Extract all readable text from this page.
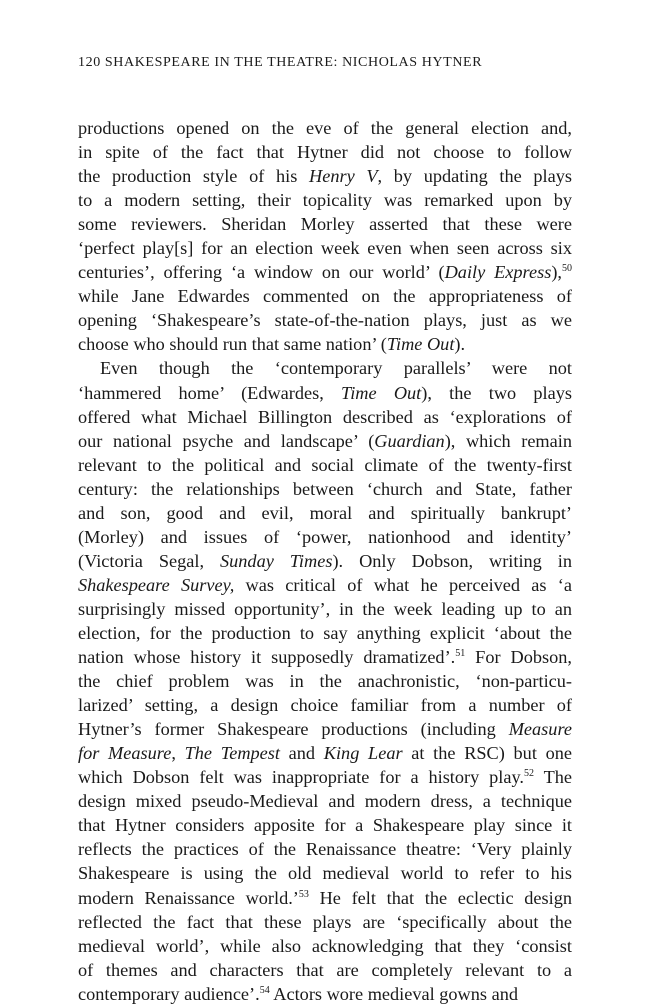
120 SHAKESPEARE IN THE THEATRE: NICHOLAS HYTNER
productions opened on the eve of the general election and,
in spite of the fact that Hytner did not choose to follow
the production style of his Henry V, by updating the plays
to a modern setting, their topicality was remarked upon by
some reviewers. Sheridan Morley asserted that these were
‘perfect play[s] for an election week even when seen across six
centuries’, offering ‘a window on our world’ (Daily Express),$^{50}$
while Jane Edwardes commented on the appropriateness of
opening ‘Shakespeare’s state-of-the-nation plays, just as we
choose who should run that same nation’ (Time Out).
Even though the ‘contemporary parallels’ were not
‘hammered home’ (Edwardes, Time Out), the two plays
offered what Michael Billington described as ‘explorations of
our national psyche and landscape’ (Guardian), which remain
relevant to the political and social climate of the twenty-first
century: the relationships between ‘church and State, father
and son, good and evil, moral and spiritually bankrupt’
(Morley) and issues of ‘power, nationhood and identity’
(Victoria Segal, Sunday Times). Only Dobson, writing in
Shakespeare Survey, was critical of what he perceived as ‘a
surprisingly missed opportunity’, in the week leading up to an
election, for the production to say anything explicit ‘about the
nation whose history it supposedly dramatized’.$^{51}$ For Dobson,
the chief problem was in the anachronistic, ‘non-particu-
larized’ setting, a design choice familiar from a number of
Hytner’s former Shakespeare productions (including Measure
for Measure, The Tempest and King Lear at the RSC) but one
which Dobson felt was inappropriate for a history play.$^{52}$ The
design mixed pseudo-Medieval and modern dress, a technique
that Hytner considers apposite for a Shakespeare play since it
reflects the practices of the Renaissance theatre: ‘Very plainly
Shakespeare is using the old medieval world to refer to his
modern Renaissance world.’$^{53}$ He felt that the eclectic design
reflected the fact that these plays are ‘specifically about the
medieval world’, while also acknowledging that they ‘consist
of themes and characters that are completely relevant to a
contemporary audience’.$^{54}$ Actors wore medieval gowns and
